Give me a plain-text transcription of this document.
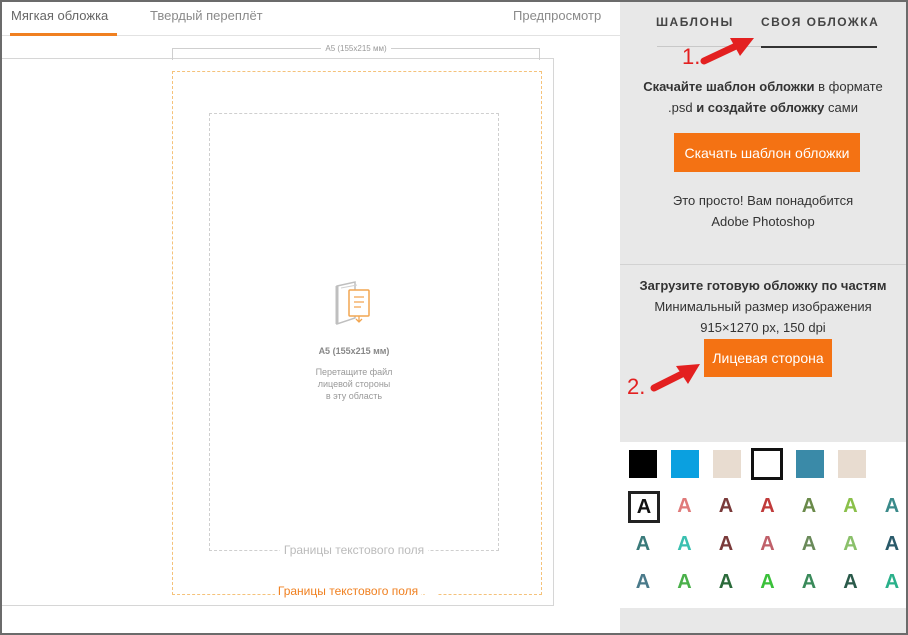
Мягкая обложка	Твердый переплёт	Предпросмотр
A5 (155x215 мм)
Границы текстового поля
A5 (155x215 мм)
Перетащите файл
лицевой стороны
в эту область
Границы текстового поля ?
ШАБЛОНЫ СВОЯ ОБЛОЖКА
Скачайте шаблон обложки в формате
.psd и создайте обложку сами
Скачать шаблон обложки
Это просто! Вам понадобится
Adobe Photoshop
Загрузите готовую обложку по частям
Минимальный размер изображения
915×1270 px, 150 dpi
Лицевая сторона
A	A	A	A	A	A	A
A	A	A	A	A	A	A
A	A	A	A	A	A	A
1.
2.
